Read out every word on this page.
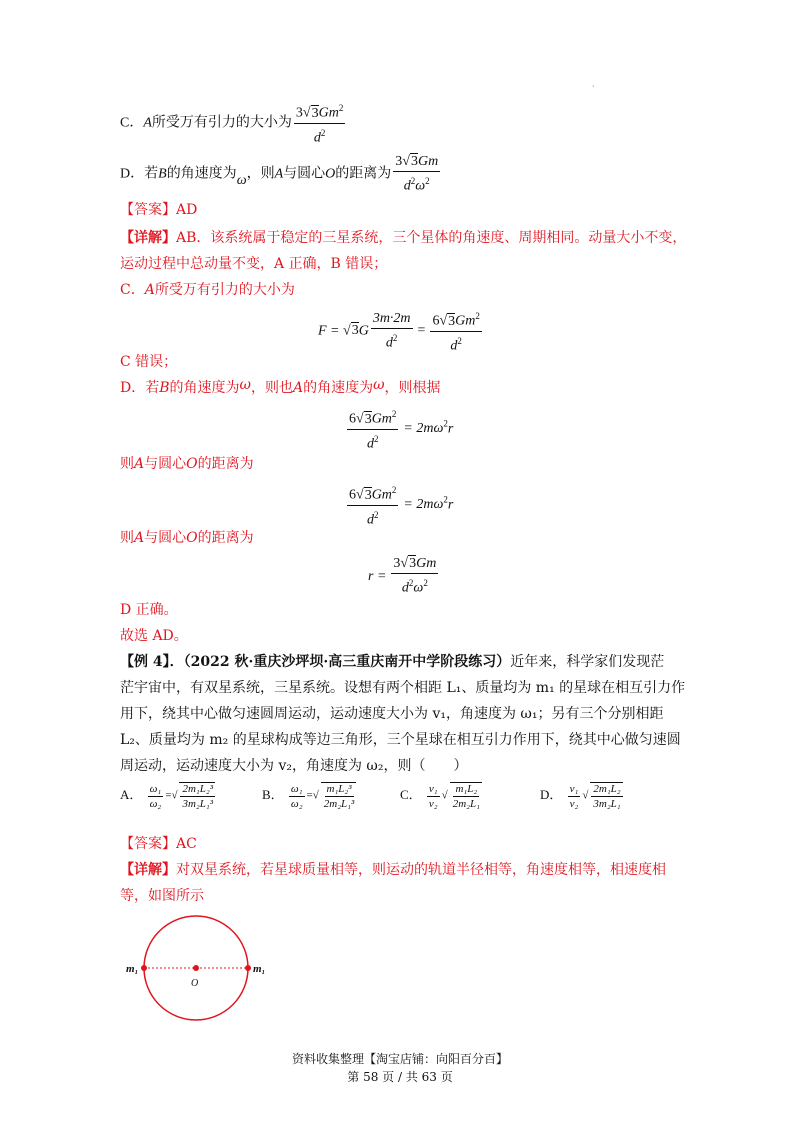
·
C．A所受万有引力的大小为 $\frac{3√3Gm^2}{d^2}$
D．若B的角速度为ω，则A与圆心O的距离为 $\frac{3√3Gm}{d^2\omega^2}$
【答案】AD
【详解】AB．该系统属于稳定的三星系统，三个星体的角速度、周期相同。动量大小不变，
运动过程中总动量不变，A 正确，B 错误；
C．A所受万有引力的大小为
$F = √3G \frac{3m\cdot 2m}{d^2} = \frac{6√3Gm^2}{d^2}$
C 错误；
D．若B的角速度为ω，则也A的角速度为ω，则根据
$\frac{6√3Gm^2}{d^2} = 2m\omega^2r$
则A与圆心O的距离为
$\frac{6√3Gm^2}{d^2} = 2m\omega^2r$
则A与圆心O的距离为
$r = \frac{3√3Gm}{d^2\omega^2}$
D 正确。
故选 AD。
【例 4】．（2022 秋·重庆沙坪坝·高三重庆南开中学阶段练习）近年来，科学家们发现茫
茫宇宙中，有双星系统，三星系统。设想有两个相距 L₁、质量均为 m₁ 的星球在相互引力作
用下，绕其中心做匀速圆周运动，运动速度大小为 v₁，角速度为 ω₁；另有三个分别相距
L₂、质量均为 m₂ 的星球构成等边三角形，三个星球在相互引力作用下，绕其中心做匀速圆
周运动，运动速度大小为 v₂，角速度为 ω₂，则（　　）
A． $\frac{\text{ω₁}}{\text{ω₂}}$ =√ $\frac{\text{2m₁L₂³}}{\text{3m₂L₁³}}$	B． $\frac{\text{ω₁}}{\text{ω₂}}$ =√ $\frac{\text{m₁L₂³}}{\text{2m₂L₁³}}$	C． $\frac{\text{v₁}}{\text{v₂}}$ √ $\frac{\text{m₁L₂}}{\text{2m₂L₁}}$	D． $\frac{\text{v₁}}{\text{v₂}}$ √ $\frac{\text{2m₁L₂}}{\text{3m₂L₁}}$
【答案】AC
【详解】对双星系统，若星球质量相等，则运动的轨道半径相等，角速度相等，相速度相
等，如图所示
m₁	m₁
O
资料收集整理【淘宝店铺：向阳百分百】
第 58 页 / 共 63 页
